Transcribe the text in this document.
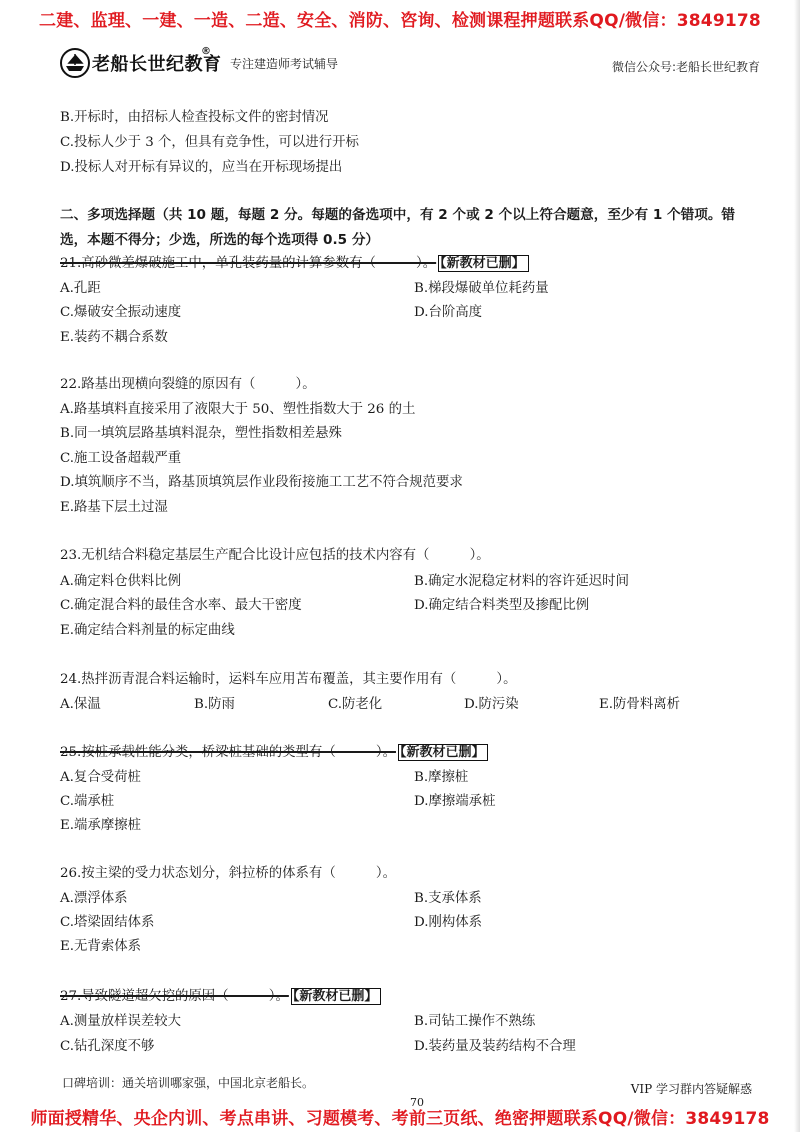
二建、监理、一建、一造、二造、安全、消防、咨询、检测课程押题联系QQ/微信：3849178
老船长世纪教育
®
专注建造师考试辅导	微信公众号:老船长世纪教育
B.开标时，由招标人检查投标文件的密封情况
C.投标人少于 3 个，但具有竞争性，可以进行开标
D.投标人对开标有异议的，应当在开标现场提出
二、多项选择题（共 10 题，每题 2 分。每题的备选项中，有 2 个或 2 个以上符合题意，至少有 1 个错项。错
选，本题不得分；少选，所选的每个选项得 0.5 分）
21.高砂微差爆破施工中，单孔装药量的计算参数有（　　　）。 【新教材已删】
A.孔距	B.梯段爆破单位耗药量
C.爆破安全振动速度	D.台阶高度
E.装药不耦合系数
22.路基出现横向裂缝的原因有（　　　）。
A.路基填料直接采用了液限大于 50、塑性指数大于 26 的土
B.同一填筑层路基填料混杂，塑性指数相差悬殊
C.施工设备超载严重
D.填筑顺序不当，路基顶填筑层作业段衔接施工工艺不符合规范要求
E.路基下层土过湿
23.无机结合料稳定基层生产配合比设计应包括的技术内容有（　　　）。
A.确定料仓供料比例	B.确定水泥稳定材料的容许延迟时间
C.确定混合料的最佳含水率、最大干密度	D.确定结合料类型及掺配比例
E.确定结合料剂量的标定曲线
24.热拌沥青混合料运输时，运料车应用苫布覆盖，其主要作用有（　　　）。
A.保温	B.防雨	C.防老化	D.防污染	E.防骨料离析
25.按桩承载性能分类，桥梁桩基础的类型有（　　　）。 【新教材已删】
A.复合受荷桩	B.摩擦桩
C.端承桩	D.摩擦端承桩
E.端承摩擦桩
26.按主梁的受力状态划分，斜拉桥的体系有（　　　）。
A.漂浮体系	B.支承体系
C.塔梁固结体系	D.刚构体系
E.无背索体系
27.导致隧道超欠挖的原因（　　　）。 【新教材已删】
A.测量放样误差较大	B.司钻工操作不熟练
C.钻孔深度不够	D.装药量及装药结构不合理
口碑培训：通关培训哪家强，中国北京老船长。	VIP 学习群内答疑解惑
70
师面授精华、央企内训、考点串讲、习题模考、考前三页纸、绝密押题联系QQ/微信：3849178
